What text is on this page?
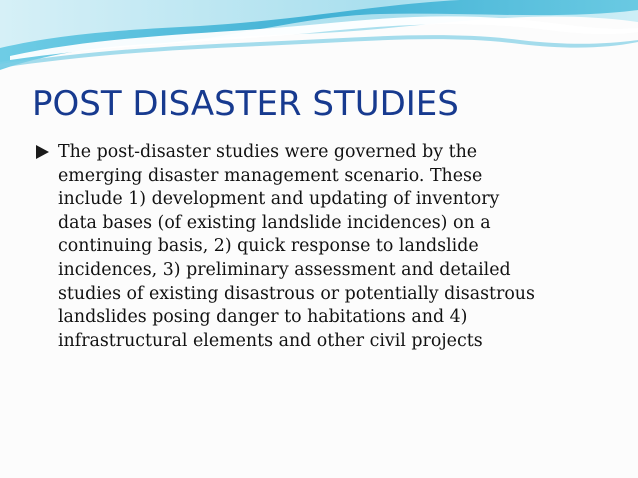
POST DISASTER STUDIES
The post-disaster studies were governed by the
emerging disaster management scenario. These
include 1) development and updating of inventory
data bases (of existing landslide incidences) on a
continuing basis, 2) quick response to landslide
incidences, 3) preliminary assessment and detailed
studies of existing disastrous or potentially disastrous
landslides posing danger to habitations and 4)
infrastructural elements and other civil projects
